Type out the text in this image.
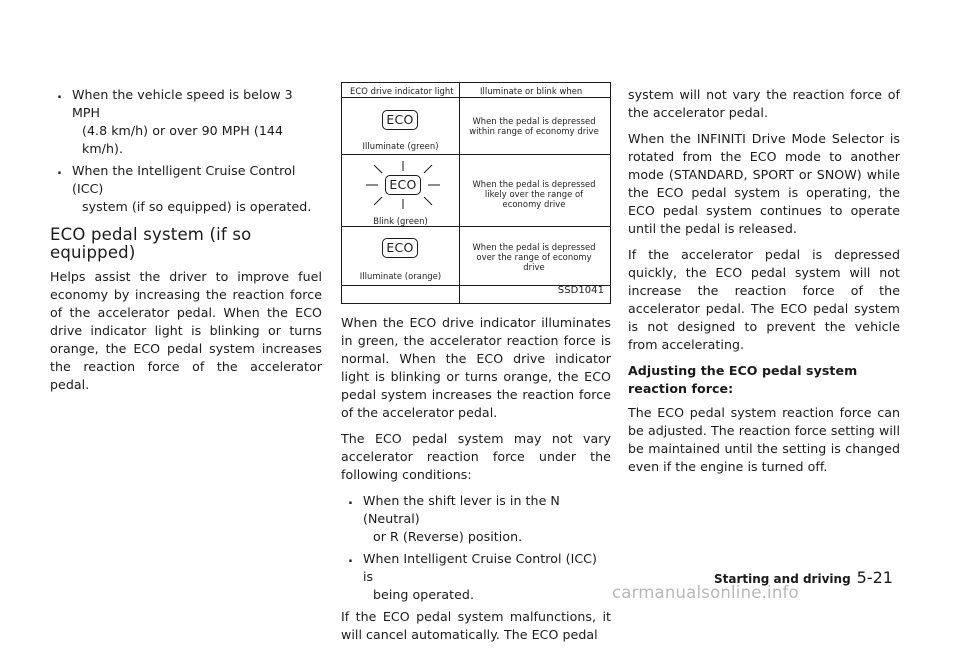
. When the vehicle speed is below 3 MPH
(4.8 km/h) or over 90 MPH (144 km/h).
. When the Intelligent Cruise Control (ICC)
system (if so equipped) is operated.
ECO pedal system (if so equipped)

Helps assist the driver to improve fuel economy by increasing the reaction force of the accelerator pedal. When the ECO drive indicator light is blinking or turns orange, the ECO pedal system increases the reaction force of the accelerator pedal.

ECO drive indicator light	Illuminate or blink when
ECO
Illuminate (green)
When the pedal is depressed
within range of economy drive
ECO
Blink (green)
When the pedal is depressed
likely over the range of
economy drive
ECO
Illuminate (orange)
When the pedal is depressed
over the range of economy
drive
SSD1041

When the ECO drive indicator illuminates in green, the accelerator reaction force is normal. When the ECO drive indicator light is blinking or turns orange, the ECO pedal system increases the reaction force of the accelerator pedal.

The ECO pedal system may not vary accelerator reaction force under the following conditions:

. When the shift lever is in the N (Neutral)
or R (Reverse) position.
. When Intelligent Cruise Control (ICC) is
being operated.

If the ECO pedal system malfunctions, it will cancel automatically. The ECO pedal

system will not vary the reaction force of the accelerator pedal.

When the INFINITI Drive Mode Selector is rotated from the ECO mode to another mode (STANDARD, SPORT or SNOW) while the ECO pedal system is operating, the ECO pedal system continues to operate until the pedal is released.

If the accelerator pedal is depressed quickly, the ECO pedal system will not increase the reaction force of the accelerator pedal. The ECO pedal system is not designed to prevent the vehicle from accelerating.

Adjusting the ECO pedal system reaction force:

The ECO pedal system reaction force can be adjusted. The reaction force setting will be maintained until the setting is changed even if the engine is turned off.

Starting and driving 5-21
carmanualsonline.info
